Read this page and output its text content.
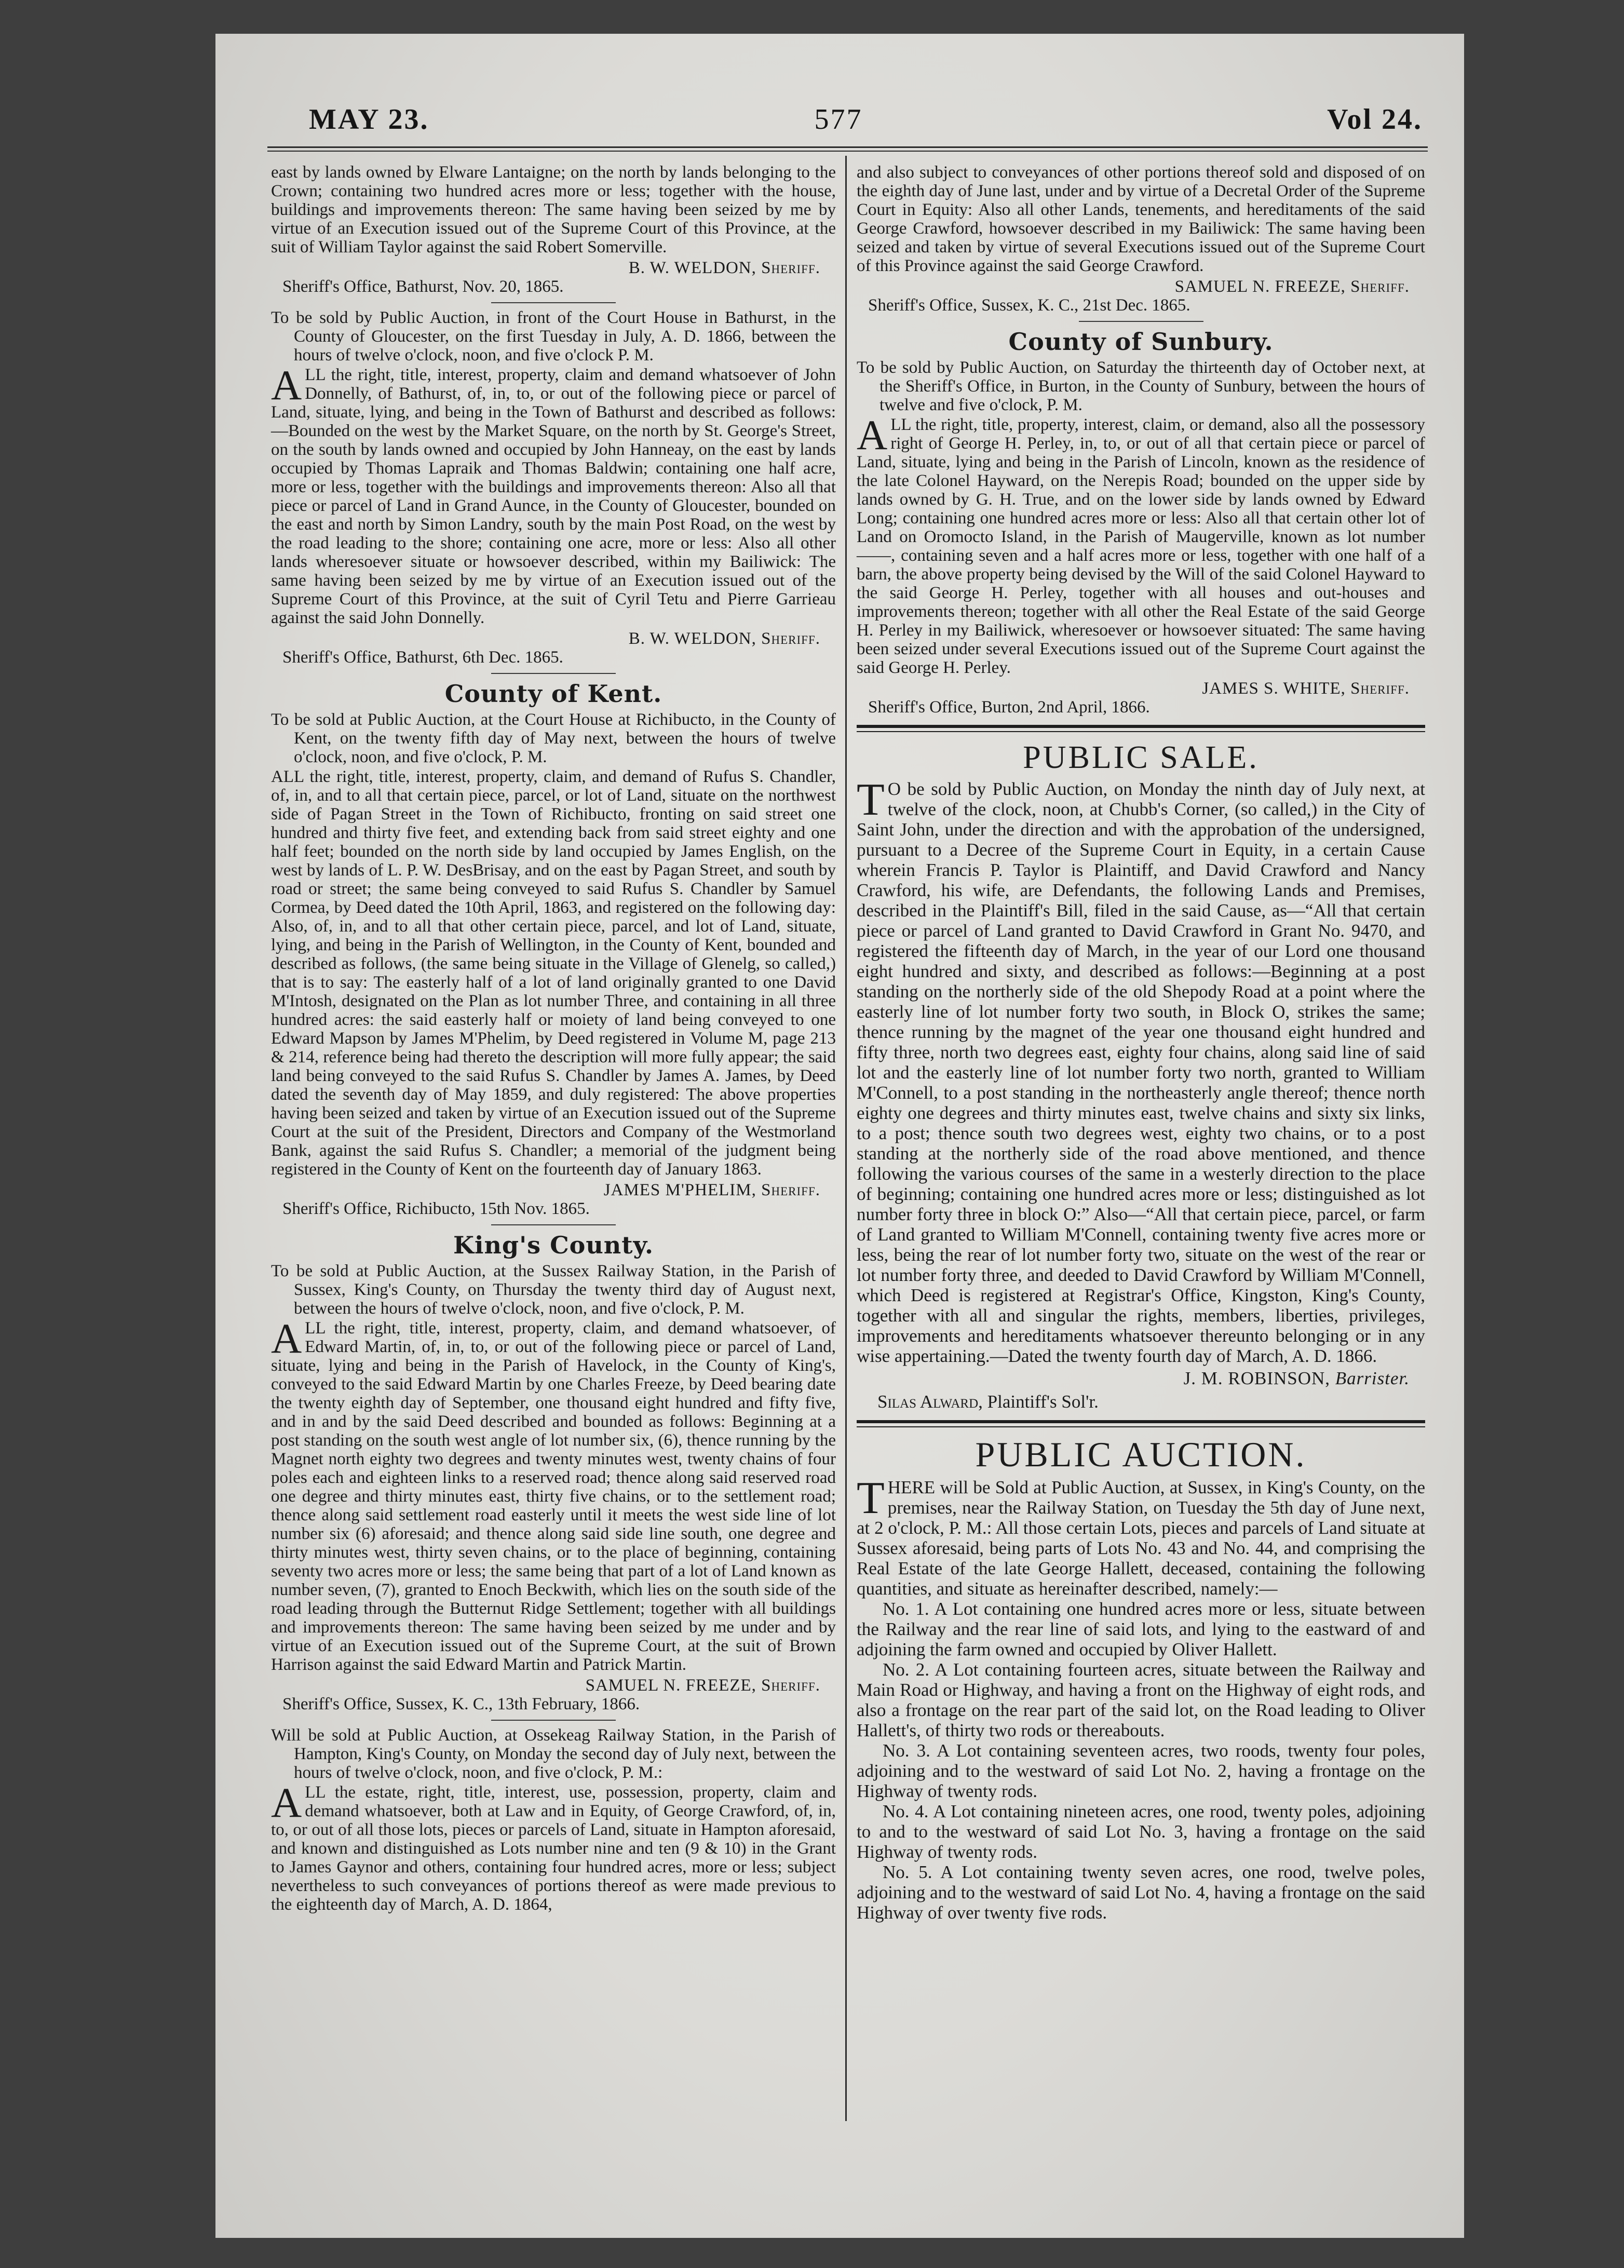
MAY 23.	577	Vol 24.

east by lands owned by Elware Lantaigne; on the north by lands belonging to the Crown; containing two hundred acres more or less; together with the house, buildings and improvements thereon: The same having been seized by me by virtue of an Execution issued out of the Supreme Court of this Province, at the suit of William Taylor against the said Robert Somerville.

B. W. WELDON, Sheriff.

Sheriff's Office, Bathurst, Nov. 20, 1865.

To be sold by Public Auction, in front of the Court House in Bathurst, in the County of Gloucester, on the first Tuesday in July, A. D. 1866, between the hours of twelve o'clock, noon, and five o'clock P. M.

ALL the right, title, interest, property, claim and demand whatsoever of John Donnelly, of Bathurst, of, in, to, or out of the following piece or parcel of Land, situate, lying, and being in the Town of Bathurst and described as follows:—Bounded on the west by the Market Square, on the north by St. George's Street, on the south by lands owned and occupied by John Hanneay, on the east by lands occupied by Thomas Lapraik and Thomas Baldwin; containing one half acre, more or less, together with the buildings and improvements thereon: Also all that piece or parcel of Land in Grand Aunce, in the County of Gloucester, bounded on the east and north by Simon Landry, south by the main Post Road, on the west by the road leading to the shore; containing one acre, more or less: Also all other lands wheresoever situate or howsoever described, within my Bailiwick: The same having been seized by me by virtue of an Execution issued out of the Supreme Court of this Province, at the suit of Cyril Tetu and Pierre Garrieau against the said John Donnelly.

B. W. WELDON, Sheriff.

Sheriff's Office, Bathurst, 6th Dec. 1865.

County of Kent.

To be sold at Public Auction, at the Court House at Richibucto, in the County of Kent, on the twenty fifth day of May next, between the hours of twelve o'clock, noon, and five o'clock, P. M.

ALL the right, title, interest, property, claim, and demand of Rufus S. Chandler, of, in, and to all that certain piece, parcel, or lot of Land, situate on the northwest side of Pagan Street in the Town of Richibucto, fronting on said street one hundred and thirty five feet, and extending back from said street eighty and one half feet; bounded on the north side by land occupied by James English, on the west by lands of L. P. W. DesBrisay, and on the east by Pagan Street, and south by road or street; the same being conveyed to said Rufus S. Chandler by Samuel Cormea, by Deed dated the 10th April, 1863, and registered on the following day: Also, of, in, and to all that other certain piece, parcel, and lot of Land, situate, lying, and being in the Parish of Wellington, in the County of Kent, bounded and described as follows, (the same being situate in the Village of Glenelg, so called,) that is to say: The easterly half of a lot of land originally granted to one David M'Intosh, designated on the Plan as lot number Three, and containing in all three hundred acres: the said easterly half or moiety of land being conveyed to one Edward Mapson by James M'Phelim, by Deed registered in Volume M, page 213 & 214, reference being had thereto the description will more fully appear; the said land being conveyed to the said Rufus S. Chandler by James A. James, by Deed dated the seventh day of May 1859, and duly registered: The above properties having been seized and taken by virtue of an Execution issued out of the Supreme Court at the suit of the President, Directors and Company of the Westmorland Bank, against the said Rufus S. Chandler; a memorial of the judgment being registered in the County of Kent on the fourteenth day of January 1863.

JAMES M'PHELIM, Sheriff.

Sheriff's Office, Richibucto, 15th Nov. 1865.

King's County.

To be sold at Public Auction, at the Sussex Railway Station, in the Parish of Sussex, King's County, on Thursday the twenty third day of August next, between the hours of twelve o'clock, noon, and five o'clock, P. M.

ALL the right, title, interest, property, claim, and demand whatsoever, of Edward Martin, of, in, to, or out of the following piece or parcel of Land, situate, lying and being in the Parish of Havelock, in the County of King's, conveyed to the said Edward Martin by one Charles Freeze, by Deed bearing date the twenty eighth day of September, one thousand eight hundred and fifty five, and in and by the said Deed described and bounded as follows: Beginning at a post standing on the south west angle of lot number six, (6), thence running by the Magnet north eighty two degrees and twenty minutes west, twenty chains of four poles each and eighteen links to a reserved road; thence along said reserved road one degree and thirty minutes east, thirty five chains, or to the settlement road; thence along said settlement road easterly until it meets the west side line of lot number six (6) aforesaid; and thence along said side line south, one degree and thirty minutes west, thirty seven chains, or to the place of beginning, containing seventy two acres more or less; the same being that part of a lot of Land known as number seven, (7), granted to Enoch Beckwith, which lies on the south side of the road leading through the Butternut Ridge Settlement; together with all buildings and improvements thereon: The same having been seized by me under and by virtue of an Execution issued out of the Supreme Court, at the suit of Brown Harrison against the said Edward Martin and Patrick Martin.

SAMUEL N. FREEZE, Sheriff.

Sheriff's Office, Sussex, K. C., 13th February, 1866.

Will be sold at Public Auction, at Ossekeag Railway Station, in the Parish of Hampton, King's County, on Monday the second day of July next, between the hours of twelve o'clock, noon, and five o'clock, P. M.:

ALL the estate, right, title, interest, use, possession, property, claim and demand whatsoever, both at Law and in Equity, of George Crawford, of, in, to, or out of all those lots, pieces or parcels of Land, situate in Hampton aforesaid, and known and distinguished as Lots number nine and ten (9 & 10) in the Grant to James Gaynor and others, containing four hundred acres, more or less; subject nevertheless to such conveyances of portions thereof as were made previous to the eighteenth day of March, A. D. 1864,

and also subject to conveyances of other portions thereof sold and disposed of on the eighth day of June last, under and by virtue of a Decretal Order of the Supreme Court in Equity: Also all other Lands, tenements, and hereditaments of the said George Crawford, howsoever described in my Bailiwick: The same having been seized and taken by virtue of several Executions issued out of the Supreme Court of this Province against the said George Crawford.

SAMUEL N. FREEZE, Sheriff.

Sheriff's Office, Sussex, K. C., 21st Dec. 1865.

County of Sunbury.

To be sold by Public Auction, on Saturday the thirteenth day of October next, at the Sheriff's Office, in Burton, in the County of Sunbury, between the hours of twelve and five o'clock, P. M.

ALL the right, title, property, interest, claim, or demand, also all the possessory right of George H. Perley, in, to, or out of all that certain piece or parcel of Land, situate, lying and being in the Parish of Lincoln, known as the residence of the late Colonel Hayward, on the Nerepis Road; bounded on the upper side by lands owned by G. H. True, and on the lower side by lands owned by Edward Long; containing one hundred acres more or less: Also all that certain other lot of Land on Oromocto Island, in the Parish of Maugerville, known as lot number ——, containing seven and a half acres more or less, together with one half of a barn, the above property being devised by the Will of the said Colonel Hayward to the said George H. Perley, together with all houses and out-houses and improvements thereon; together with all other the Real Estate of the said George H. Perley in my Bailiwick, wheresoever or howsoever situated: The same having been seized under several Executions issued out of the Supreme Court against the said George H. Perley.

JAMES S. WHITE, Sheriff.

Sheriff's Office, Burton, 2nd April, 1866.

PUBLIC SALE.

T O be sold by Public Auction, on Monday the ninth day of July next, at twelve of the clock, noon, at Chubb's Corner, (so called,) in the City of Saint John, under the direction and with the approbation of the undersigned, pursuant to a Decree of the Supreme Court in Equity, in a certain Cause wherein Francis P. Taylor is Plaintiff, and David Crawford and Nancy Crawford, his wife, are Defendants, the following Lands and Premises, described in the Plaintiff's Bill, filed in the said Cause, as—“All that certain piece or parcel of Land granted to David Crawford in Grant No. 9470, and registered the fifteenth day of March, in the year of our Lord one thousand eight hundred and sixty, and described as follows:—Beginning at a post standing on the northerly side of the old Shepody Road at a point where the easterly line of lot number forty two south, in Block O, strikes the same; thence running by the magnet of the year one thousand eight hundred and fifty three, north two degrees east, eighty four chains, along said line of said lot and the easterly line of lot number forty two north, granted to William M'Connell, to a post standing in the northeasterly angle thereof; thence north eighty one degrees and thirty minutes east, twelve chains and sixty six links, to a post; thence south two degrees west, eighty two chains, or to a post standing at the northerly side of the road above mentioned, and thence following the various courses of the same in a westerly direction to the place of beginning; containing one hundred acres more or less; distinguished as lot number forty three in block O:” Also—“All that certain piece, parcel, or farm of Land granted to William M'Connell, containing twenty five acres more or less, being the rear of lot number forty two, situate on the west of the rear or lot number forty three, and deeded to David Crawford by William M'Connell, which Deed is registered at Registrar's Office, Kingston, King's County, together with all and singular the rights, members, liberties, privileges, improvements and hereditaments whatsoever thereunto belonging or in any wise appertaining.—Dated the twenty fourth day of March, A. D. 1866.

J. M. ROBINSON, Barrister.

Silas Alward, Plaintiff's Sol'r.

PUBLIC AUCTION.

THERE will be Sold at Public Auction, at Sussex, in King's County, on the premises, near the Railway Station, on Tuesday the 5th day of June next, at 2 o'clock, P. M.: All those certain Lots, pieces and parcels of Land situate at Sussex aforesaid, being parts of Lots No. 43 and No. 44, and comprising the Real Estate of the late George Hallett, deceased, containing the following quantities, and situate as hereinafter described, namely:—

No. 1. A Lot containing one hundred acres more or less, situate between the Railway and the rear line of said lots, and lying to the eastward of and adjoining the farm owned and occupied by Oliver Hallett.

No. 2. A Lot containing fourteen acres, situate between the Railway and Main Road or Highway, and having a front on the Highway of eight rods, and also a frontage on the rear part of the said lot, on the Road leading to Oliver Hallett's, of thirty two rods or thereabouts.

No. 3. A Lot containing seventeen acres, two roods, twenty four poles, adjoining and to the westward of said Lot No. 2, having a frontage on the Highway of twenty rods.

No. 4. A Lot containing nineteen acres, one rood, twenty poles, adjoining to and to the westward of said Lot No. 3, having a frontage on the said Highway of twenty rods.

No. 5. A Lot containing twenty seven acres, one rood, twelve poles, adjoining and to the westward of said Lot No. 4, having a frontage on the said Highway of over twenty five rods.
